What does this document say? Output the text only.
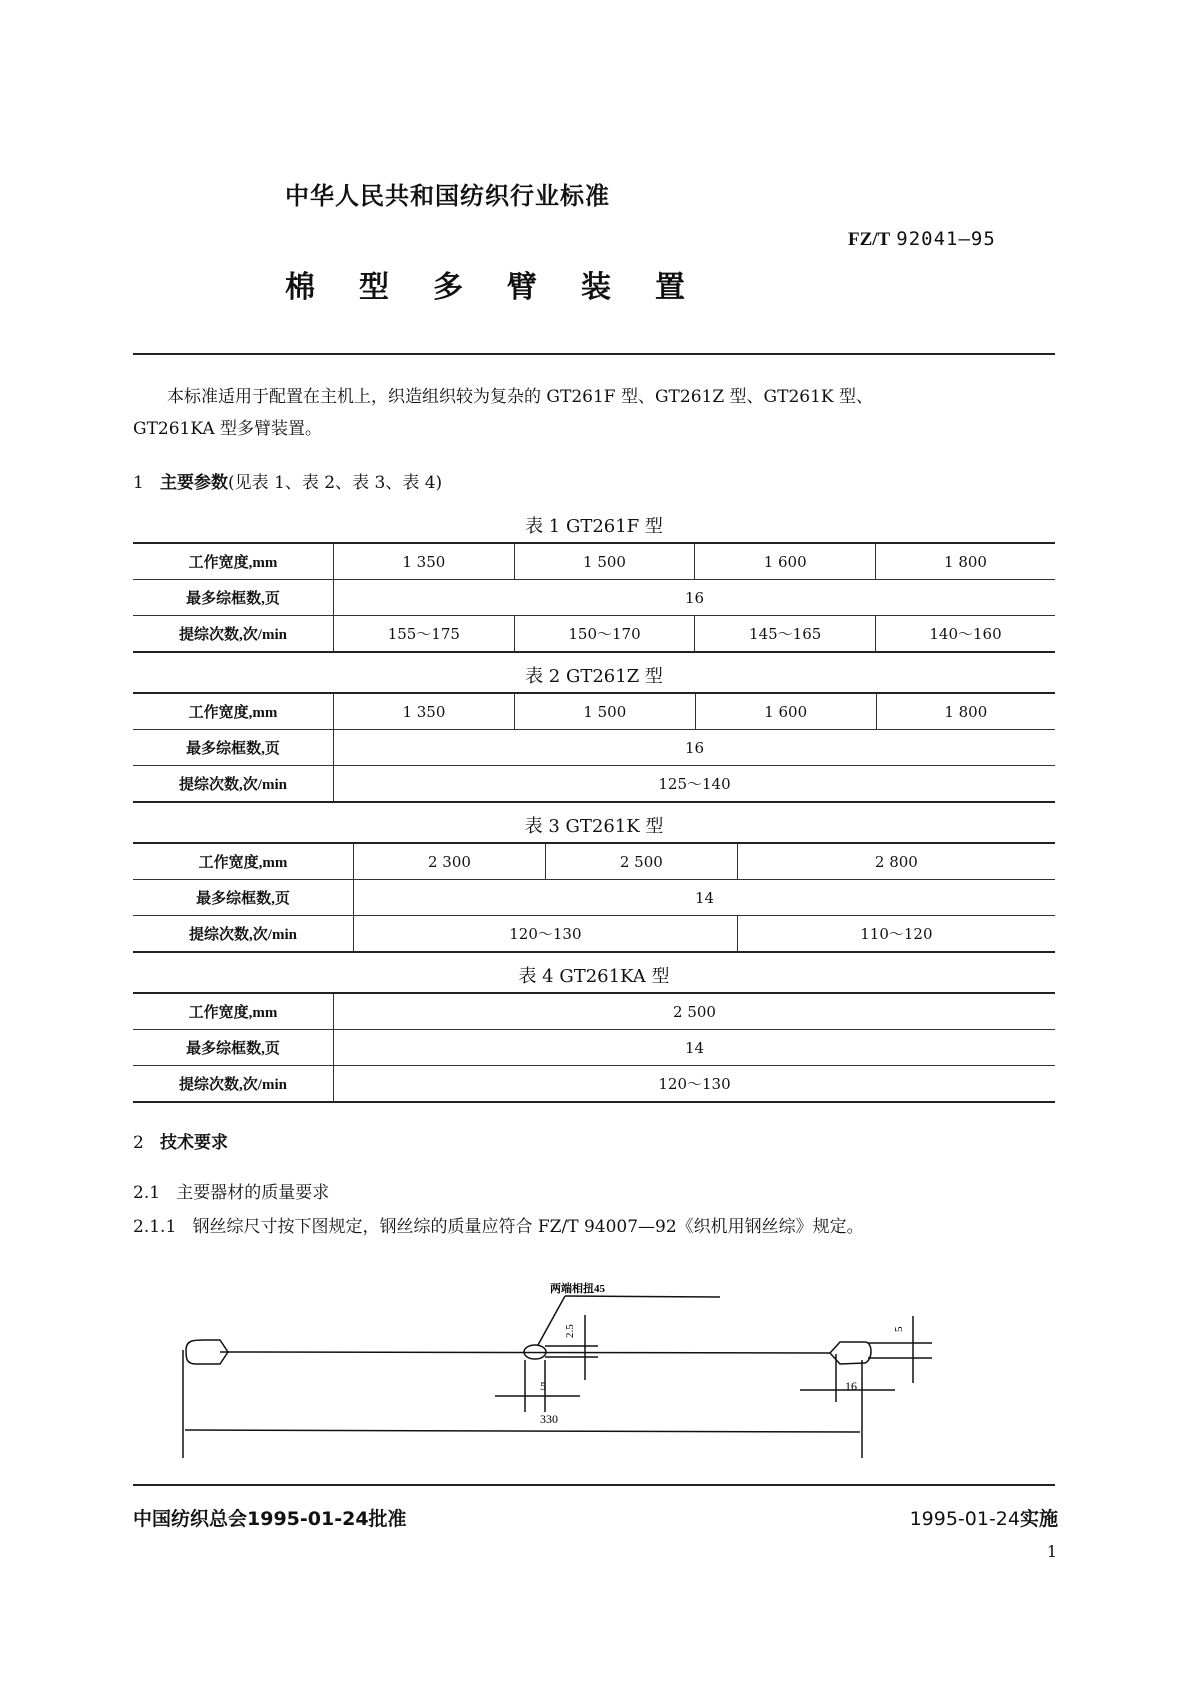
中华人民共和国纺织行业标准
FZ/T 92041—95
棉 型 多 臂 装 置
本标准适用于配置在主机上，织造组织较为复杂的 GT261F 型、GT261Z 型、GT261K 型、
GT261KA 型多臂装置。
1 主要参数(见表 1、表 2、表 3、表 4)
表 1 GT261F 型
工作宽度,mm	1 350	1 500	1 600	1 800
最多综框数,页	16			
提综次数,次/min	155～175	150～170	145～165	140～160
表 2 GT261Z 型
工作宽度,mm	1 350	1 500	1 600	1 800
最多综框数,页	16			
提综次数,次/min	125～140			
表 3 GT261K 型
工作宽度,mm	2 300	2 500	2 800
最多综框数,页	14		
提综次数,次/min	120～130		110～120
表 4 GT261KA 型
工作宽度,mm	2 500
最多综框数,页	14
提综次数,次/min	120～130
2 技术要求
2.1 主要器材的质量要求
2.1.1 钢丝综尺寸按下图规定，钢丝综的质量应符合 FZ/T 94007—92《织机用钢丝综》规定。
两端相扭45
2.5
5
330
16
5
中国纺织总会1995-01-24批准	1995-01-24实施
1
